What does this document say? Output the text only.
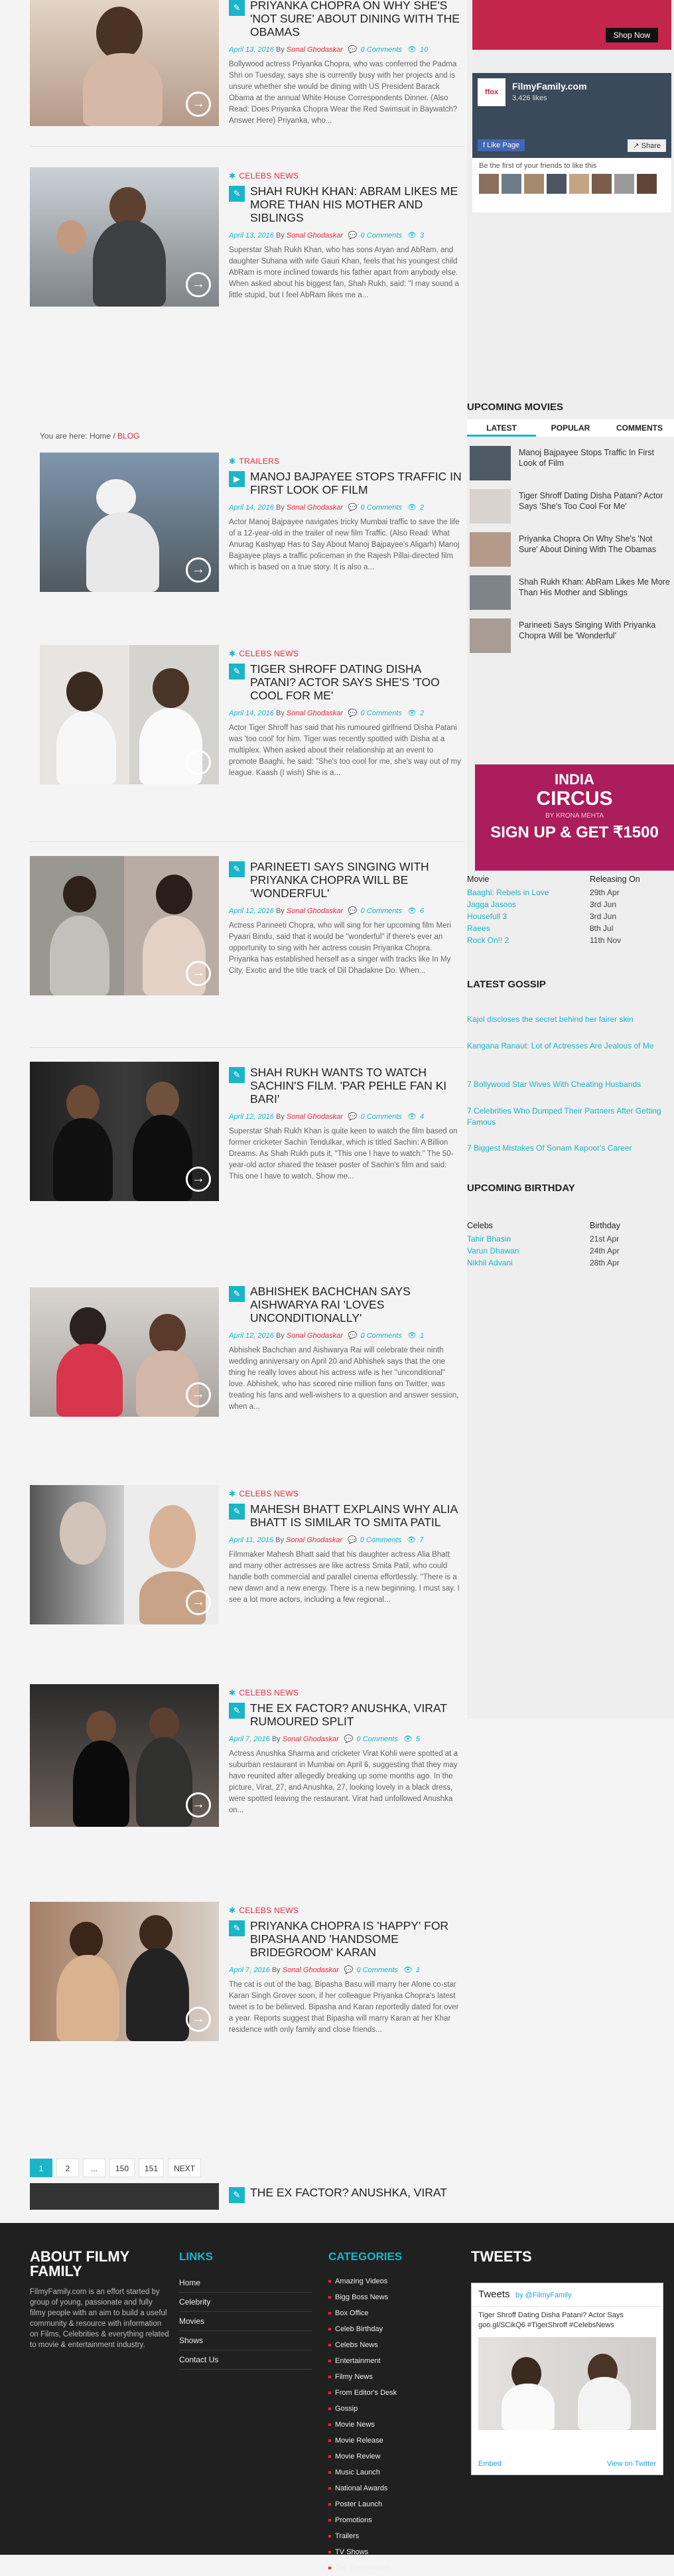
→
✎ PRIYANKA CHOPRA ON WHY SHE'S 'NOT SURE' ABOUT DINING WITH THE OBAMAS
April 13, 2016 By Sonal Ghodaskar 💬 0 Comments 👁 10
Bollywood actress Priyanka Chopra, who was conferred the Padma Shri on Tuesday, says she is currently busy with her projects and is unsure whether she would be dining with US President Barack Obama at the annual White House Correspondents Dinner. (Also Read: Does Priyanka Chopra Wear the Red Swimsuit in Baywatch? Answer Here) Priyanka, who...
→
✱ CELEBS NEWS
✎ SHAH RUKH KHAN: ABRAM LIKES ME MORE THAN HIS MOTHER AND SIBLINGS
April 13, 2016 By Sonal Ghodaskar 💬 0 Comments 👁 3
Superstar Shah Rukh Khan, who has sons Aryan and AbRam, and daughter Suhana with wife Gauri Khan, feels that his youngest child AbRam is more inclined towards his father apart from anybody else. When asked about his biggest fan, Shah Rukh, said: "I may sound a little stupid, but I feel AbRam likes me a...
You are here: Home / BLOG
→
✱ TRAILERS
▶ MANOJ BAJPAYEE STOPS TRAFFIC IN FIRST LOOK OF FILM
April 14, 2016 By Sonal Ghodaskar 💬 0 Comments 👁 2
Actor Manoj Bajpayee navigates tricky Mumbai traffic to save the life of a 12-year-old in the trailer of new film Traffic. (Also Read: What Anurag Kashyap Has to Say About Manoj Bajpayee's Aligarh) Manoj Bajpayee plays a traffic policeman in the Rajesh Pillai-directed film which is based on a true story. It is also a...
→
✱ CELEBS NEWS
✎ TIGER SHROFF DATING DISHA PATANI? ACTOR SAYS SHE'S 'TOO COOL FOR ME'
April 14, 2016 By Sonal Ghodaskar 💬 0 Comments 👁 2
Actor Tiger Shroff has said that his rumoured girlfriend Disha Patani was 'too cool' for him. Tiger was recently spotted with Disha at a multiplex. When asked about their relationship at an event to promote Baaghi, he said: "She's too cool for me, she's way out of my league. Kaash (I wish) She is a...
→
✎ PARINEETI SAYS SINGING WITH PRIYANKA CHOPRA WILL BE 'WONDERFUL'
April 12, 2016 By Sonal Ghodaskar 💬 0 Comments 👁 6
Actress Parineeti Chopra, who will sing for her upcoming film Meri Pyaari Bindu, said that it would be "wonderful" if there's ever an opportunity to sing with her actress cousin Priyanka Chopra. Priyanka has established herself as a singer with tracks like In My City, Exotic and the title track of Dil Dhadakne Do. When...
→
✎ SHAH RUKH WANTS TO WATCH SACHIN'S FILM. 'PAR PEHLE FAN KI BARI'
April 12, 2016 By Sonal Ghodaskar 💬 0 Comments 👁 4
Superstar Shah Rukh Khan is quite keen to watch the film based on former cricketer Sachin Tendulkar, which is titled Sachin: A Billion Dreams. As Shah Rukh puts it, "This one I have to watch." The 50-year-old actor shared the teaser poster of Sachin's film and said: This one I have to watch. Show me...
→
✎ ABHISHEK BACHCHAN SAYS AISHWARYA RAI 'LOVES UNCONDITIONALLY'
April 12, 2016 By Sonal Ghodaskar 💬 0 Comments 👁 1
Abhishek Bachchan and Aishwarya Rai will celebrate their ninth wedding anniversary on April 20 and Abhishek says that the one thing he really loves about his actress wife is her "unconditional" love. Abhishek, who has scored nine million fans on Twitter, was treating his fans and well-wishers to a question and answer session, when a...
→
✱ CELEBS NEWS
✎ MAHESH BHATT EXPLAINS WHY ALIA BHATT IS SIMILAR TO SMITA PATIL
April 11, 2016 By Sonal Ghodaskar 💬 0 Comments 👁 7
Filmmaker Mahesh Bhatt said that his daughter actress Alia Bhatt and many other actresses are like actress Smita Patil, who could handle both commercial and parallel cinema effortlessly. "There is a new dawn and a new energy. There is a new beginning. I must say. I see a lot more actors, including a few regional...
→
✱ CELEBS NEWS
✎ THE EX FACTOR? ANUSHKA, VIRAT RUMOURED SPLIT
April 7, 2016 By Sonal Ghodaskar 💬 0 Comments 👁 5
Actress Anushka Sharma and cricketer Virat Kohli were spotted at a suburban restaurant in Mumbai on April 6, suggesting that they may have reunited after allegedly breaking up some months ago. In the picture, Virat, 27, and Anushka, 27, looking lovely in a black dress, were spotted leaving the restaurant. Virat had unfollowed Anushka on...
→
✱ CELEBS NEWS
✎ PRIYANKA CHOPRA IS 'HAPPY' FOR BIPASHA AND 'HANDSOME BRIDEGROOM' KARAN
April 7, 2016 By Sonal Ghodaskar 💬 0 Comments 👁 1
The cat is out of the bag. Bipasha Basu will marry her Alone co-star Karan Singh Grover soon, if her colleague Priyanka Chopra's latest tweet is to be believed. Bipasha and Karan reportedly dated for over a year. Reports suggest that Bipasha will marry Karan at her Khar residence with only family and close friends...
1	2	...	150	151	NEXT
✎ THE EX FACTOR? ANUSHKA, VIRAT
Shop Now
ffox
FilmyFamily.com
3,426 likes
f Like Page	↗ Share
Be the first of your friends to like this
UPCOMING MOVIES
LATEST	POPULAR	COMMENTS
Manoj Bajpayee Stops Traffic In First Look of Film
Tiger Shroff Dating Disha Patani? Actor Says 'She's Too Cool For Me'
Priyanka Chopra On Why She's 'Not Sure' About Dining With The Obamas
Shah Rukh Khan: AbRam Likes Me More Than His Mother and Siblings
Parineeti Says Singing With Priyanka Chopra Will be 'Wonderful'
INDIA
CIRCUS
BY KRONA MEHTA
SIGN UP & GET ₹1500
Movie	Releasing On
Baaghi: Rebels in Love	29th Apr
Jagga Jasoos	3rd Jun
Housefull 3	3rd Jun
Raees	8th Jul
Rock On!! 2	11th Nov
LATEST GOSSIP
Kajol discloses the secret behind her fairer skin
Kangana Ranaut: Lot of Actresses Are Jealous of Me
7 Bollywood Star Wives With Cheating Husbands
7 Celebrities Who Dumped Their Partners After Getting Famous
7 Biggest Mistakes Of Sonam Kapoor's Career
UPCOMING BIRTHDAY
Celebs	Birthday
Tahir Bhasin	21st Apr
Varun Dhawan	24th Apr
Nikhil Advani	28th Apr
ABOUT FILMY FAMILY
FilmyFamily.com is an effort started by group of young, passionate and fully filmy people with an aim to build a useful community & resource with information on Films, Celebrities & everything related to movie & entertainment industry.
LINKS
Home
Celebrity
Movies
Shows
Contact Us
CATEGORIES
Amazing Videos
Bigg Boss News
Box Office
Celeb Birthday
Celebs News
Entertainment
Filmy News
From Editor's Desk
Gossip
Movie News
Movie Release
Movie Review
Music Launch
National Awards
Poster Launch
Promotions
Trailers
TV Shows
Zee Cine Awards
TWEETS
Tweets by @FilmyFamily
Tiger Shroff Dating Disha Patani? Actor Says goo.gl/SCikQ6 #TigerShroff #CelebsNews
Embed	View on Twitter
